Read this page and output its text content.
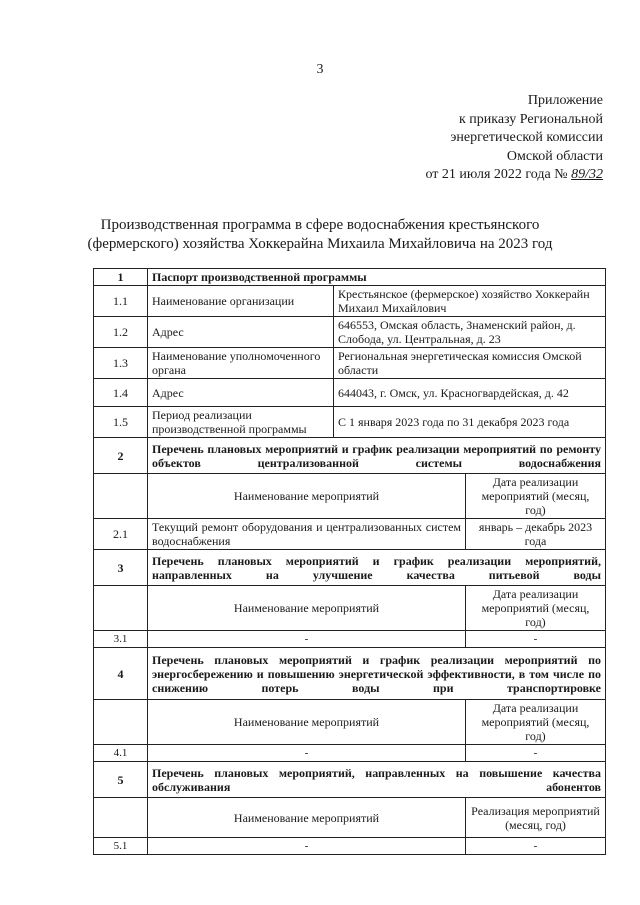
3
Приложение
к приказу Региональной
энергетической комиссии
Омской области
от 21 июля 2022 года № 89/32
Производственная программа в сфере водоснабжения крестьянского
(фермерского) хозяйства Хоккерайна Михаила Михайловича на 2023 год
1	Паспорт производственной программы		
1.1	Наименование организации	Крестьянское (фермерское) хозяйство Хоккерайн Михаил Михайлович	
1.2	Адрес	646553, Омская область, Знаменский район, д. Слобода, ул. Центральная, д. 23	
1.3	Наименование уполномоченного органа	Региональная энергетическая комиссия Омской области	
1.4	Адрес	644043, г. Омск, ул. Красногвардейская, д. 42	
1.5	Период реализации производственной программы	С 1 января 2023 года по 31 декабря 2023 года	
2	Перечень плановых мероприятий и график реализации мероприятий по ремонту объектов централизованной системы водоснабжения		
	Наименование мероприятий		Дата реализации мероприятий (месяц, год)
2.1	Текущий ремонт оборудования и централизованных систем водоснабжения		январь – декабрь 2023 года
3	Перечень плановых мероприятий и график реализации мероприятий, направленных на улучшение качества питьевой воды		
	Наименование мероприятий		Дата реализации мероприятий (месяц, год)
3.1	-		-
4	Перечень плановых мероприятий и график реализации мероприятий по энергосбережению и повышению энергетической эффективности, в том числе по снижению потерь воды при транспортировке		
	Наименование мероприятий		Дата реализации мероприятий (месяц, год)
4.1	-		-
5	Перечень плановых мероприятий, направленных на повышение качества обслуживания абонентов		
	Наименование мероприятий		Реализация мероприятий (месяц, год)
5.1	-		-
